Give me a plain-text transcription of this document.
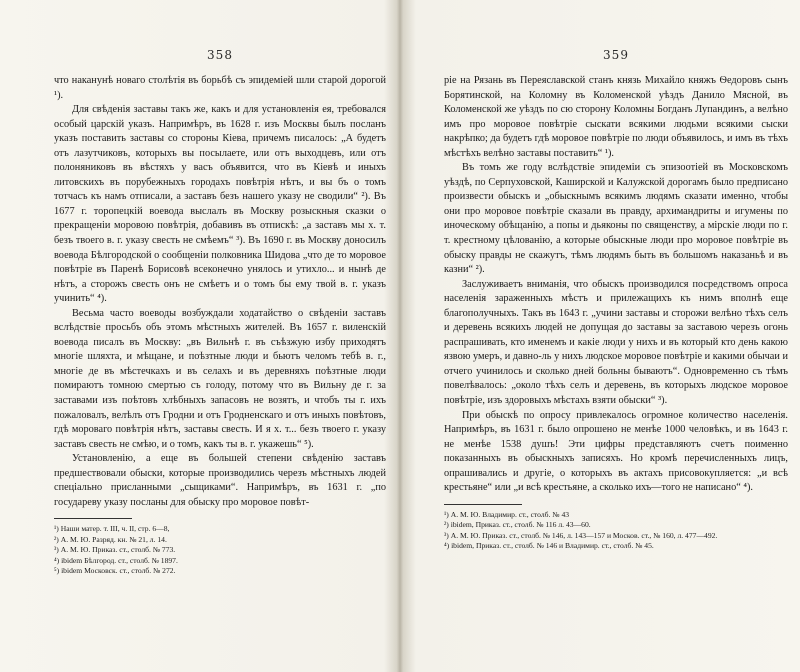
358

что наканунѣ новаго столѣтія въ борьбѣ съ эпидеміей шли старой дорогой ¹).

Для свѣденія заставы такъ же, какъ и для установленія ея, требовался особый царскій указъ. Напримѣръ, въ 1628 г. изъ Москвы былъ посланъ указъ поставить заставы со стороны Кіева, причемъ писалось: „А будетъ отъ лазутчиковъ, которыхъ вы посылаете, или отъ выходцевъ, или отъ полоняниковъ въ вѣстяхъ у васъ объявится, что въ Кіевѣ и иныхъ литовскихъ въ порубежныхъ городахъ повѣтрія нѣтъ, и вы бъ о томъ тотчасъ къ намъ отписали, а заставъ безъ нашего указу не сводили“ ²). Въ 1677 г. торопецкій воевода выслалъ въ Москву розыскныя сказки о прекращеніи моровою повѣтрія, добавивъ въ отпискѣ: „а заставъ мы х. т. безъ твоего в. г. указу свесть не смѣемъ“ ³). Въ 1690 г. въ Москву доносилъ воевода Бѣлгородской о сообщеніи полковника Шидова „что де то моровое повѣтріе въ Паренѣ Борисовѣ всеконечно унялось и утихло... и нынѣ де нѣтъ, а сторожъ свесть онъ не смѣетъ и о томъ бы ему твой в. г. указъ учинить“ ⁴).

Весьма часто воеводы возбуждали ходатайство о свѣденіи заставъ вслѣдствіе просьбъ объ этомъ мѣстныхъ жителей. Въ 1657 г. виленскій воевода писалъ въ Москву: „въ Вильнѣ г. въ съѣзжую избу приходятъ многіе шляхта, и мѣщане, и поѣзтные люди и бьютъ челомъ тебѣ в. г., многіе де въ мѣстечкахъ и въ селахъ и въ деревняхъ поѣзтные люди помираютъ томною смертью съ голоду, потому что въ Вильну де г. за заставами изъ поѣтовъ хлѣбныхъ запасовъ не возятъ, и чтобъ ты г. ихъ пожаловалъ, велѣлъ отъ Гродни и отъ Гродненскаго и отъ иныхъ повѣтовъ, гдѣ мороваго повѣтрія нѣтъ, заставы свесть. И я х. т... безъ твоего г. указу заставъ свесть не смѣю, и о томъ, какъ ты в. г. укажешь“ ⁵).

Установленію, а еще въ большей степени свѣденію заставъ предшествовали обыски, которые производились черезъ мѣстныхъ людей спеціально присланными „сыщиками“. Напримѣръ, въ 1631 г. „по государеву указу посланы для обыску про моровое повѣт-

¹) Наши матер. т. III, ч. II, стр. 6—8,
²) А. М. Ю. Разряд. кн. № 21, л. 14.
³) А. М. Ю. Приказ. ст., столб. № 773.
⁴) ibidem Бѣлгород. ст., столб. № 1897.
⁵) ibidem Московск. ст., столб. № 272.
359

ріе на Рязань въ Переяславской станъ князь Михайло княжъ Ѳедоровъ сынъ Борятинской, на Коломну въ Коломенской уѣздъ Данило Мясной, въ Коломенской же уѣздъ по сю сторону Коломны Богданъ Лупандинъ, а велѣно имъ про моровое повѣтріе сыскати всякими людьми всякими сыски накрѣпко; да будетъ гдѣ моровое повѣтріе по люди объявилось, и имъ въ тѣхъ мѣстѣхъ велѣно заставы поставить“ ¹).

Въ томъ же году вслѣдствіе эпидеміи съ эпизоотіей въ Московскомъ уѣздѣ, по Серпуховской, Каширской и Калужской дорогамъ было предписано произвести обыскъ и „обыскнымъ всякимъ людямъ сказати именно, чтобы они про моровое повѣтріе сказали въ правду, архимандриты и игумены по иноческому обѣщанію, а попы и дьяконы по священству, а мірскіе люди по г. т. крестному цѣлованію, а которые обыскные люди про моровое повѣтріе въ обыску правды не скажутъ, тѣмъ людямъ быть въ большомъ наказаньѣ и въ казни“ ²).

Заслуживаетъ вниманія, что обыскъ производился посредствомъ опроса населенія зараженныхъ мѣстъ и прилежащихъ къ нимъ вполнѣ еще благополучныхъ. Такъ въ 1643 г. „учини заставы и сторожи велѣно тѣхъ селъ и деревень всякихъ людей не допущая до заставы за заставою черезъ огонь распрашивать, кто именемъ и какіе люди у нихъ и въ который кто день какою язвою умеръ, и давно-ль у нихъ людское моровое повѣтріе и какими обычаи и отчего учинилось и сколько дней больны бываютъ“. Одновременно съ тѣмъ повелѣвалось: „около тѣхъ селъ и деревень, въ которыхъ людское моровое повѣтріе, изъ здоровыхъ мѣстахъ взяти обыски“ ³).

При обыскѣ по опросу привлекалось огромное количество населенія. Напримѣръ, въ 1631 г. было опрошено не менѣе 1000 человѣкъ, и въ 1643 г. не менѣе 1538 душъ! Эти цифры представляютъ счетъ поименно показанныхъ въ обыскныхъ записяхъ. Но кромѣ перечисленныхъ лицъ, опрашивались и другіе, о которыхъ въ актахъ присовокупляется: „и всѣ крестьяне“ или „и всѣ крестьяне, а сколько ихъ—того не написано“ ⁴).

¹) А. М. Ю. Владимир. ст., столб. № 43
²) ibidem, Приказ. ст., столб. № 116 л. 43—60.
³) А. М. Ю. Приказ. ст., столб. № 146, л. 143—157 и Москов. ст., № 160, л. 477—492.
⁴) ibidem, Приказ. ст., столб. № 146 и Владимир. ст., столб. № 45.
